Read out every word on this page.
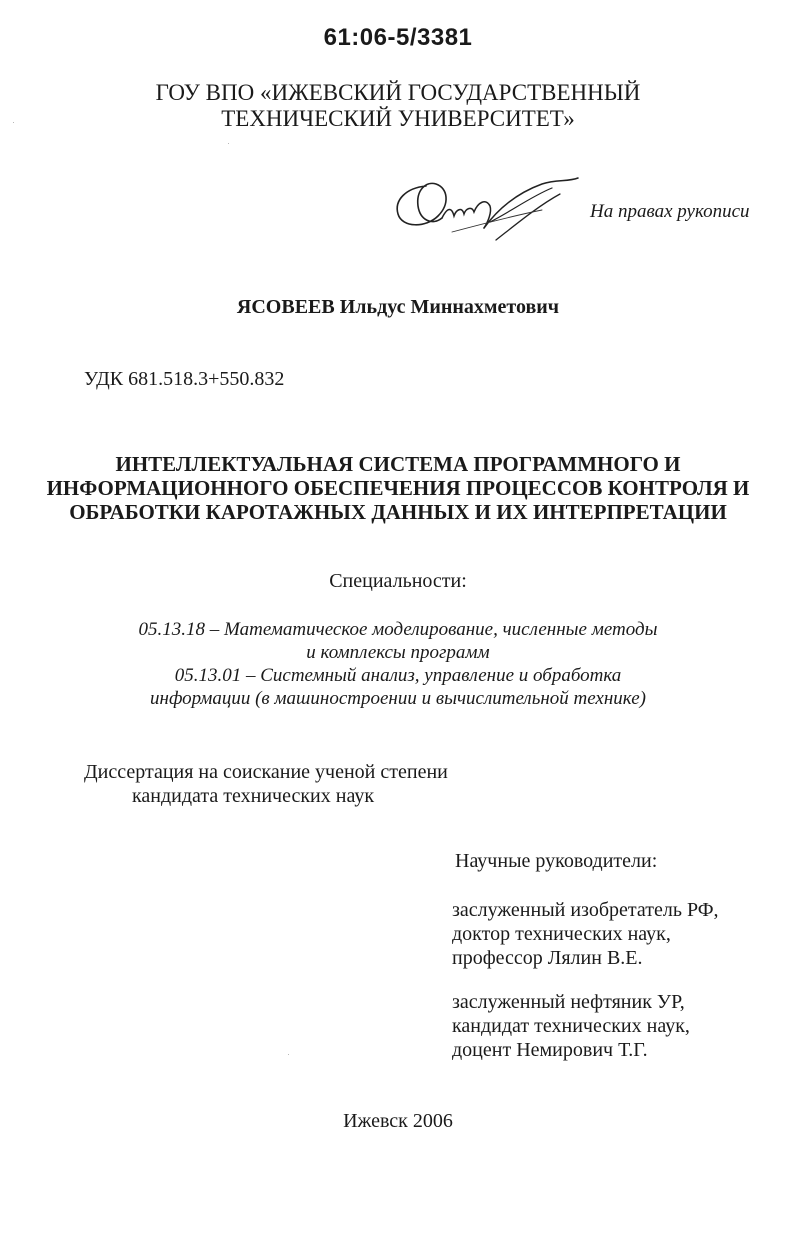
61:06-5/3381
ГОУ ВПО «ИЖЕВСКИЙ ГОСУДАРСТВЕННЫЙ
ТЕХНИЧЕСКИЙ УНИВЕРСИТЕТ»
На правах рукописи
ЯСОВЕЕВ Ильдус Миннахметович
УДК 681.518.3+550.832
ИНТЕЛЛЕКТУАЛЬНАЯ СИСТЕМА ПРОГРАММНОГО И
ИНФОРМАЦИОННОГО ОБЕСПЕЧЕНИЯ ПРОЦЕССОВ КОНТРОЛЯ И
ОБРАБОТКИ КАРОТАЖНЫХ ДАННЫХ И ИХ ИНТЕРПРЕТАЦИИ
Специальности:
05.13.18 – Математическое моделирование, численные методы
и комплексы программ
05.13.01 – Системный анализ, управление и обработка
информации (в машиностроении и вычислительной технике)
Диссертация на соискание ученой степени
кандидата технических наук
Научные руководители:
заслуженный изобретатель РФ,
доктор технических наук,
профессор Лялин В.Е.
заслуженный нефтяник УР,
кандидат технических наук,
доцент Немирович Т.Г.
Ижевск 2006
